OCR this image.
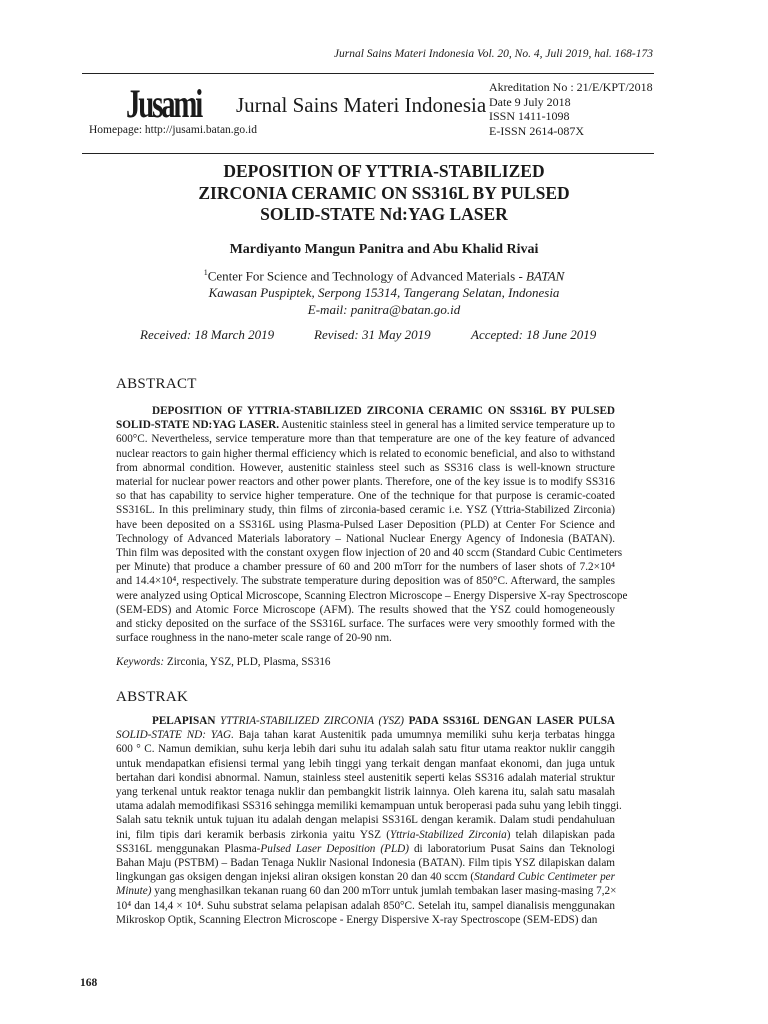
Jurnal Sains Materi Indonesia Vol. 20, No. 4, Juli 2019, hal. 168-173
Jusami Jurnal Sains Materi Indonesia
Homepage: http://jusami.batan.go.id
Akreditation No : 21/E/KPT/2018
Date 9 July 2018
ISSN 1411-1098
E-ISSN 2614-087X
DEPOSITION OF YTTRIA-STABILIZED
ZIRCONIA CERAMIC ON SS316L BY PULSED
SOLID-STATE Nd:YAG LASER
Mardiyanto Mangun Panitra and Abu Khalid Rivai
$^1$Center For Science and Technology of Advanced Materials - BATAN
Kawasan Puspiptek, Serpong 15314, Tangerang Selatan, Indonesia
E-mail: panitra@batan.go.id
Received: 18 March 2019	Revised: 31 May 2019	Accepted: 18 June 2019
ABSTRACT
DEPOSITION OF YTTRIA-STABILIZED ZIRCONIA CERAMIC ON SS316L BY PULSED
SOLID-STATE ND:YAG LASER. Austenitic stainless steel in general has a limited service temperature up to
600°C. Nevertheless, service temperature more than that temperature are one of the key feature of advanced
nuclear reactors to gain higher thermal efficiency which is related to economic beneficial, and also to withstand
from abnormal condition. However, austenitic stainless steel such as SS316 class is well-known structure
material for nuclear power reactors and other power plants. Therefore, one of the key issue is to modify SS316
so that has capability to service higher temperature. One of the technique for that purpose is ceramic-coated
SS316L. In this preliminary study, thin films of zirconia-based ceramic i.e. YSZ (Yttria-Stabilized Zirconia)
have been deposited on a SS316L using Plasma-Pulsed Laser Deposition (PLD) at Center For Science and
Technology of Advanced Materials laboratory – National Nuclear Energy Agency of Indonesia (BATAN).
Thin film was deposited with the constant oxygen flow injection of 20 and 40 sccm (Standard Cubic Centimeters
per Minute) that produce a chamber pressure of 60 and 200 mTorr for the numbers of laser shots of 7.2×10⁴
and 14.4×10⁴, respectively. The substrate temperature during deposition was of 850°C. Afterward, the samples
were analyzed using Optical Microscope, Scanning Electron Microscope – Energy Dispersive X-ray Spectroscope
(SEM-EDS) and Atomic Force Microscope (AFM). The results showed that the YSZ could homogeneously
and sticky deposited on the surface of the SS316L surface. The surfaces were very smoothly formed with the
surface roughness in the nano-meter scale range of 20-90 nm.
Keywords: Zirconia, YSZ, PLD, Plasma, SS316
ABSTRAK
PELAPISAN YTTRIA-STABILIZED ZIRCONIA (YSZ) PADA SS316L DENGAN LASER PULSA
SOLID-STATE ND: YAG. Baja tahan karat Austenitik pada umumnya memiliki suhu kerja terbatas hingga
600 ° C. Namun demikian, suhu kerja lebih dari suhu itu adalah salah satu fitur utama reaktor nuklir canggih
untuk mendapatkan efisiensi termal yang lebih tinggi yang terkait dengan manfaat ekonomi, dan juga untuk
bertahan dari kondisi abnormal. Namun, stainless steel austenitik seperti kelas SS316 adalah material struktur
yang terkenal untuk reaktor tenaga nuklir dan pembangkit listrik lainnya. Oleh karena itu, salah satu masalah
utama adalah memodifikasi SS316 sehingga memiliki kemampuan untuk beroperasi pada suhu yang lebih tinggi.
Salah satu teknik untuk tujuan itu adalah dengan melapisi SS316L dengan keramik. Dalam studi pendahuluan
ini, film tipis dari keramik berbasis zirkonia yaitu YSZ (Yttria-Stabilized Zirconia) telah dilapiskan pada
SS316L menggunakan Plasma-Pulsed Laser Deposition (PLD) di laboratorium Pusat Sains dan Teknologi
Bahan Maju (PSTBM) – Badan Tenaga Nuklir Nasional Indonesia (BATAN). Film tipis YSZ dilapiskan dalam
lingkungan gas oksigen dengan injeksi aliran oksigen konstan 20 dan 40 sccm (Standard Cubic Centimeter per
Minute) yang menghasilkan tekanan ruang 60 dan 200 mTorr untuk jumlah tembakan laser masing-masing 7,2×
10⁴ dan 14,4 × 10⁴. Suhu substrat selama pelapisan adalah 850°C. Setelah itu, sampel dianalisis menggunakan
Mikroskop Optik, Scanning Electron Microscope - Energy Dispersive X-ray Spectroscope (SEM-EDS) dan
168
